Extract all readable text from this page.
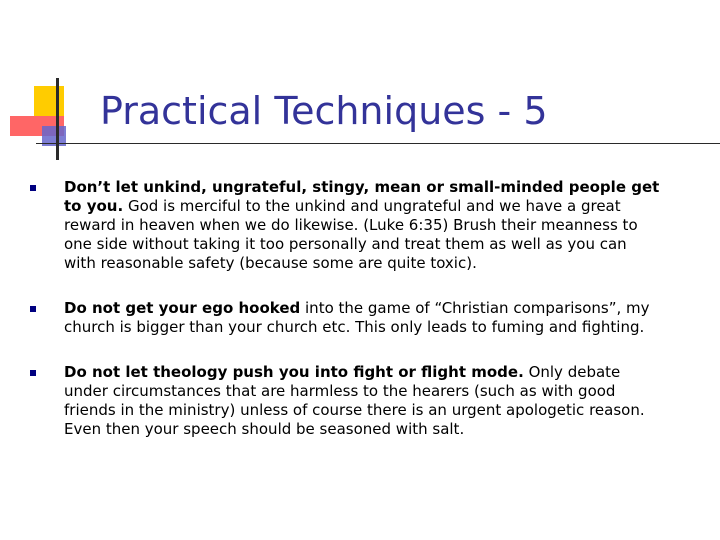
Practical Techniques - 5
Don’t let unkind, ungrateful, stingy, mean or small-minded people get to you. God is merciful to the unkind and ungrateful and we have a great reward in heaven when we do likewise. (Luke 6:35) Brush their meanness to one side without taking it too personally and treat them as well as you can with reasonable safety (because some are quite toxic).
Do not get your ego hooked into the game of “Christian comparisons”, my church is bigger than your church etc. This only leads to fuming and fighting.
Do not let theology push you into fight or flight mode. Only debate under circumstances that are harmless to the hearers (such as with good friends in the ministry) unless of course there is an urgent apologetic reason. Even then your speech should be seasoned with salt.
